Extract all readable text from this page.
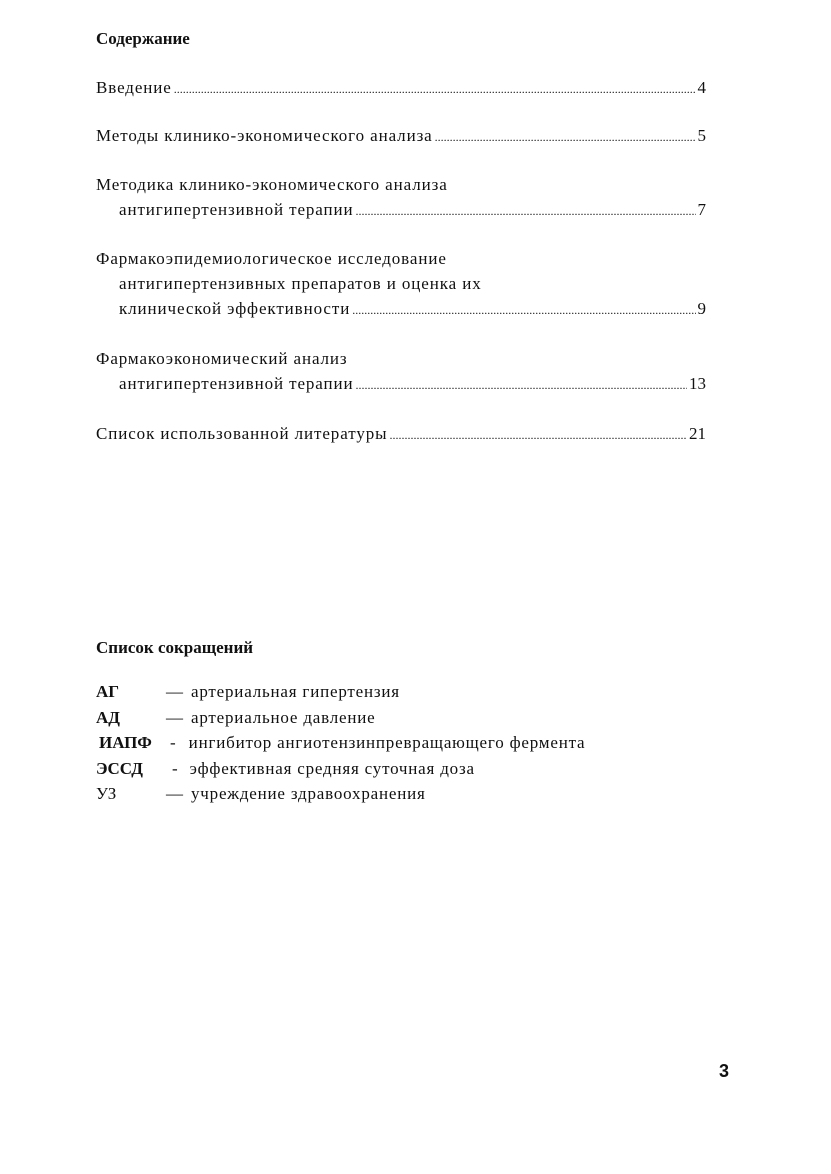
Содержание
Введение .....	4
Методы клинико-экономического анализа .....	5
Методика клинико-экономического анализа
антигипертензивной терапии .....	7
Фармакоэпидемиологическое исследование
антигипертензивных препаратов и оценка их
клинической эффективности .....	9
Фармакоэкономический анализ
антигипертензивной терапии .....	13
Список использованной литературы .....	21
Список сокращений
АГ	— артериальная гипертензия
АД	— артериальное давление
ИАПФ	- ингибитор ангиотензинпревращающего фермента
ЭССД	- эффективная средняя суточная доза
УЗ	— учреждение здравоохранения
3
